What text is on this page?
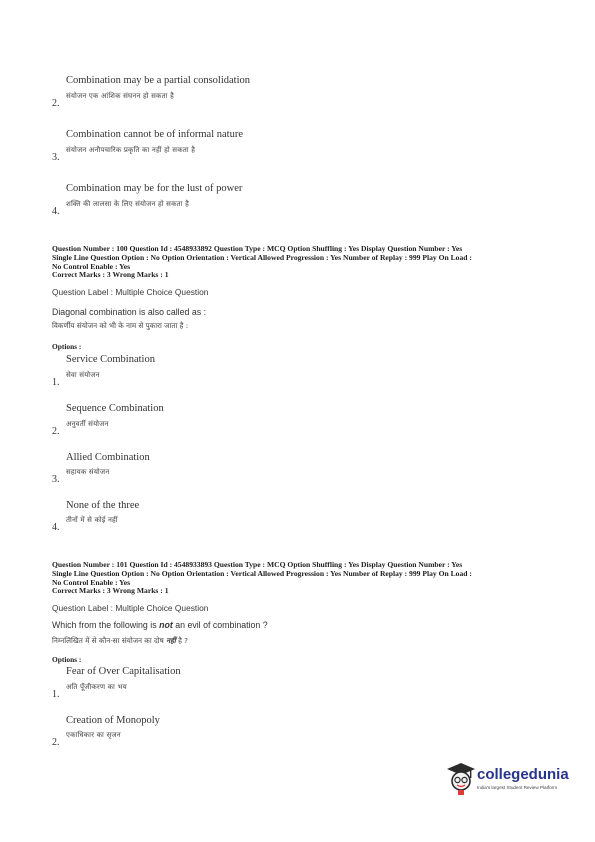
Combination may be a partial consolidation
2.
संयोजन एक आंशिक संघनन हो सकता है
Combination cannot be of informal nature
3.
संयोजन अनौपचारिक प्रकृति का नहीं हो सकता है
Combination may be for the lust of power
4.
शक्ति की लालसा के लिए संयोजन हो सकता है
Question Number : 100 Question Id : 4548933892 Question Type : MCQ Option Shuffling : Yes Display Question Number : Yes
Single Line Question Option : No Option Orientation : Vertical Allowed Progression : Yes Number of Replay : 999 Play On Load :
No Control Enable : Yes
Correct Marks : 3 Wrong Marks : 1
Question Label : Multiple Choice Question
Diagonal combination is also called as :
विकर्णीय संयोजन को भी के नाम से पुकारा जाता है :
Options :
Service Combination
1.
सेवा संयोजन
Sequence Combination
2.
अनुवर्ती संयोजन
Allied Combination
3.
सहायक संयोजन
None of the three
4.
तीनों में से कोई नहीं
Question Number : 101 Question Id : 4548933893 Question Type : MCQ Option Shuffling : Yes Display Question Number : Yes
Single Line Question Option : No Option Orientation : Vertical Allowed Progression : Yes Number of Replay : 999 Play On Load :
No Control Enable : Yes
Correct Marks : 3 Wrong Marks : 1
Question Label : Multiple Choice Question
Which from the following is not an evil of combination ?
निम्नलिखित में से कौन-सा संयोजन का दोष नहीं है ?
Options :
Fear of Over Capitalisation
1.
अति पूँजीकरण का भय
Creation of Monopoly
2.
एकाधिकार का सृजन
collegedunia
India's largest Student Review Platform
